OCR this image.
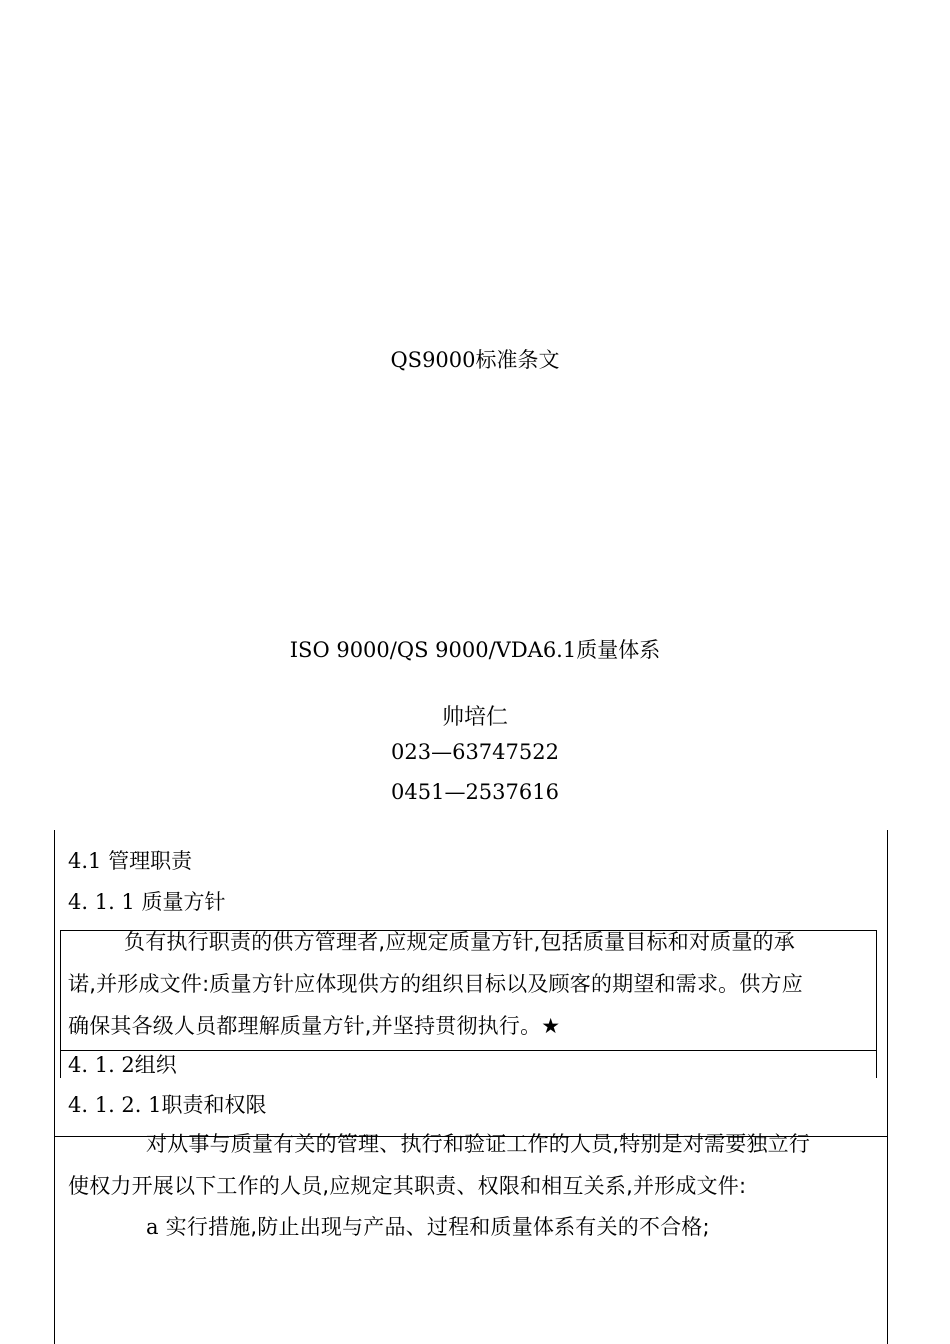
QS9000标准条文
ISO 9000/QS 9000/VDA6.1质量体系
帅培仁
023—63747522
0451—2537616
4.1 管理职责
4. 1. 1 质量方针
负有执行职责的供方管理者,应规定质量方针,包括质量目标和对质量的承
诺,并形成文件:质量方针应体现供方的组织目标以及顾客的期望和需求。供方应
确保其各级人员都理解质量方针,并坚持贯彻执行。★
4. 1. 2组织
4. 1. 2. 1职责和权限
对从事与质量有关的管理、执行和验证工作的人员,特别是对需要独立行
使权力开展以下工作的人员,应规定其职责、权限和相互关系,并形成文件:
a 实行措施,防止出现与产品、过程和质量体系有关的不合格;
